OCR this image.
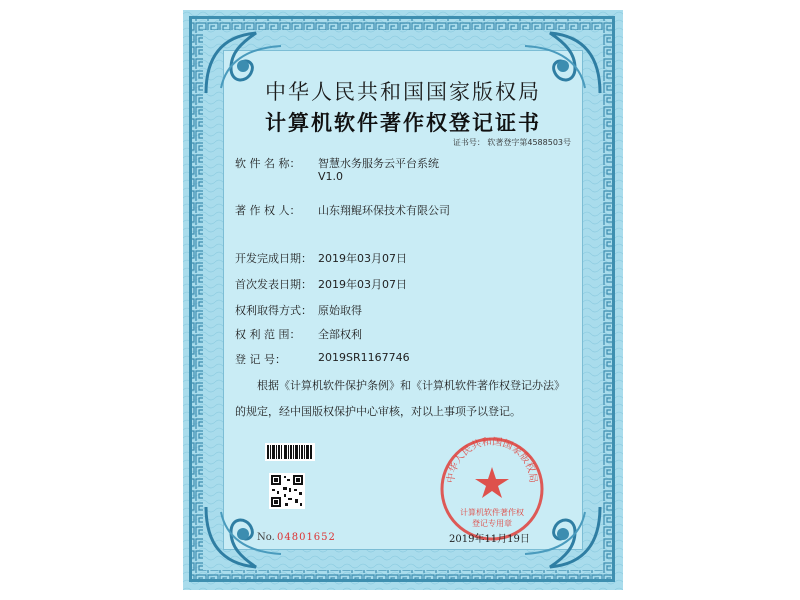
中华人民共和国国家版权局
计算机软件著作权登记证书
证书号： 软著登字第4588503号
软 件 名 称： 智慧水务服务云平台系统
V1.0
著 作 权 人： 山东翔鲲环保技术有限公司
开发完成日期： 2019年03月07日
首次发表日期： 2019年03月07日
权利取得方式： 原始取得
权 利 范 围： 全部权利
登 记 号：	2019SR1167746
根据《计算机软件保护条例》和《计算机软件著作权登记办法》的规定，经中国版权保护中心审核，对以上事项予以登记。
No. 04801652
中华人民共和国国家版权局
计算机软件著作权
登记专用章
2019年11月19日
